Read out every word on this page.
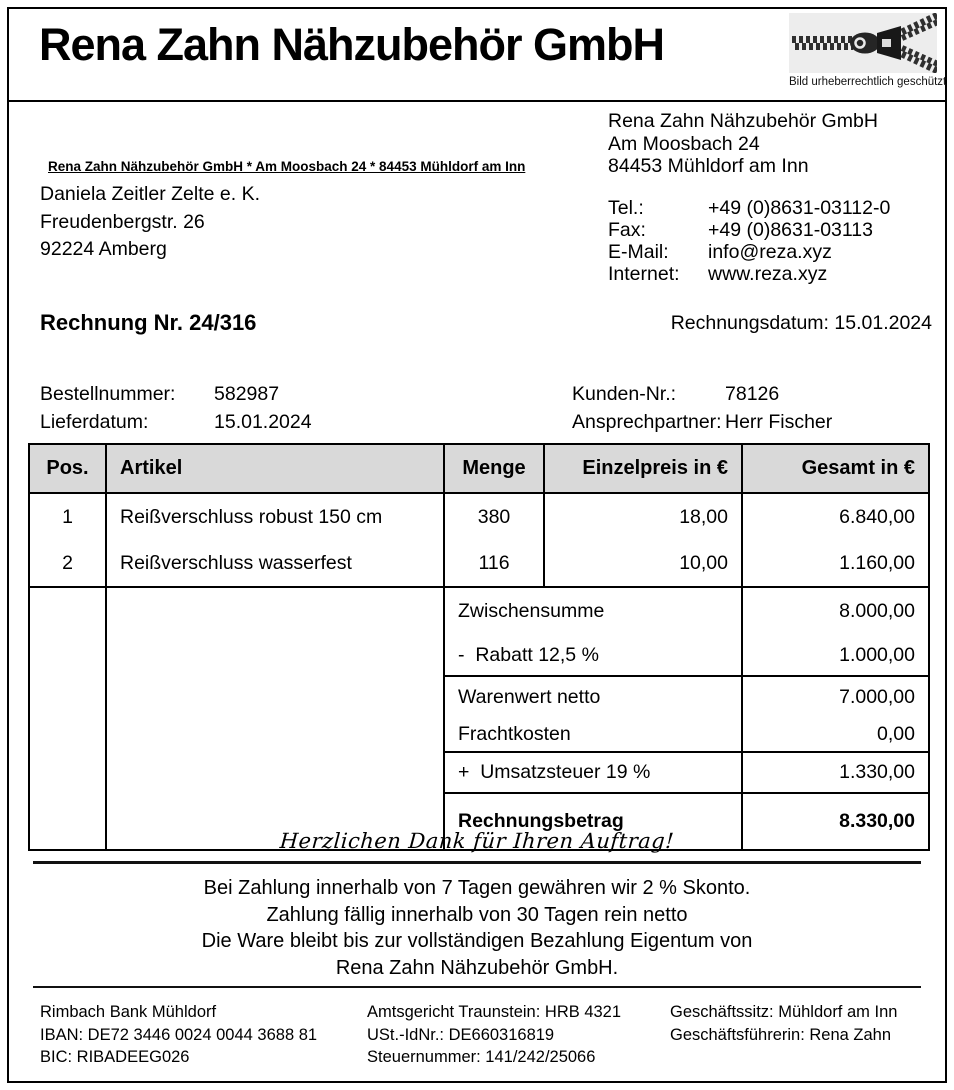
Rena Zahn Nähzubehör GmbH
Bild urheberrechtlich geschützt
Rena Zahn Nähzubehör GmbH * Am Moosbach 24 * 84453 Mühldorf am Inn
Daniela Zeitler Zelte e. K.
Freudenbergstr. 26
92224 Amberg
Rena Zahn Nähzubehör GmbH
Am Moosbach 24
84453 Mühldorf am Inn
Tel.:	+49 (0)8631-03112-0
Fax:	+49 (0)8631-03113
E-Mail:	info@reza.xyz
Internet:	www.reza.xyz
Rechnung Nr. 24/316	Rechnungsdatum: 15.01.2024
Bestellnummer:	582987
Lieferdatum:	15.01.2024
Kunden-Nr.:	78126
Ansprechpartner: Herr Fischer
Pos.	Artikel	Menge	Einzelpreis in €	Gesamt in €
1	Reißverschluss robust 150 cm	380	18,00	6.840,00
2	Reißverschluss wasserfest	116	10,00	1.160,00
		Zwischensumme		8.000,00
		-  Rabatt 12,5 %		1.000,00
		Warenwert netto		7.000,00
		Frachtkosten		0,00
		+  Umsatzsteuer 19 %		1.330,00
		Rechnungsbetrag		8.330,00
Herzlichen Dank für Ihren Auftrag!
Bei Zahlung innerhalb von 7 Tagen gewähren wir 2 % Skonto.
Zahlung fällig innerhalb von 30 Tagen rein netto
Die Ware bleibt bis zur vollständigen Bezahlung Eigentum von
Rena Zahn Nähzubehör GmbH.
Rimbach Bank Mühldorf
IBAN: DE72 3446 0024 0044 3688 81
BIC: RIBADEEG026
Amtsgericht Traunstein: HRB 4321
USt.-IdNr.: DE660316819
Steuernummer: 141/242/25066
Geschäftssitz: Mühldorf am Inn
Geschäftsführerin: Rena Zahn
